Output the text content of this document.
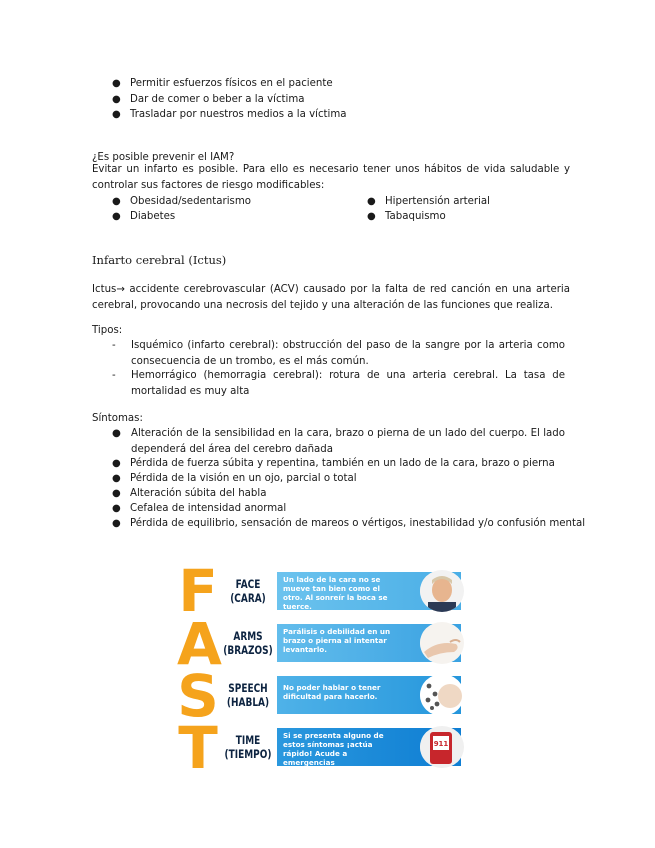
● Permitir esfuerzos físicos en el paciente
● Dar de comer o beber a la víctima
● Trasladar por nuestros medios a la víctima
¿Es posible prevenir el IAM?
Evitar un infarto es posible. Para ello es necesario tener unos hábitos de vida saludable y controlar sus factores de riesgo modificables:
● Obesidad/sedentarismo
● Diabetes
● Hipertensión arterial
● Tabaquismo
Infarto cerebral (Ictus)
Ictus→ accidente cerebrovascular (ACV) causado por la falta de red canción en una arteria cerebral, provocando una necrosis del tejido y una alteración de las funciones que realiza.
Tipos:
- Isquémico (infarto cerebral): obstrucción del paso de la sangre por la arteria como consecuencia de un trombo, es el más común.
- Hemorrágico (hemorragia cerebral): rotura de una arteria cerebral. La tasa de mortalidad es muy alta
Síntomas:
● Alteración de la sensibilidad en la cara, brazo o pierna de un lado del cuerpo. El lado dependerá del área del cerebro dañada
● Pérdida de fuerza súbita y repentina, también en un lado de la cara, brazo o pierna
● Pérdida de la visión en un ojo, parcial o total
● Alteración súbita del habla
● Cefalea de intensidad anormal
● Pérdida de equilibrio, sensación de mareos o vértigos, inestabilidad y/o confusión mental
F
A
S
T
FACE
(CARA)
Un lado de la cara no se mueve tan bien como el otro. Al sonreír la boca se tuerce.
ARMS
(BRAZOS)
Parálisis o debilidad en un brazo o pierna al intentar levantarlo.
SPEECH
(HABLA)
No poder hablar o tener dificultad para hacerlo.
TIME
(TIEMPO)
Si se presenta alguno de estos síntomas ¡actúa rápido! Acude a emergencias
911
